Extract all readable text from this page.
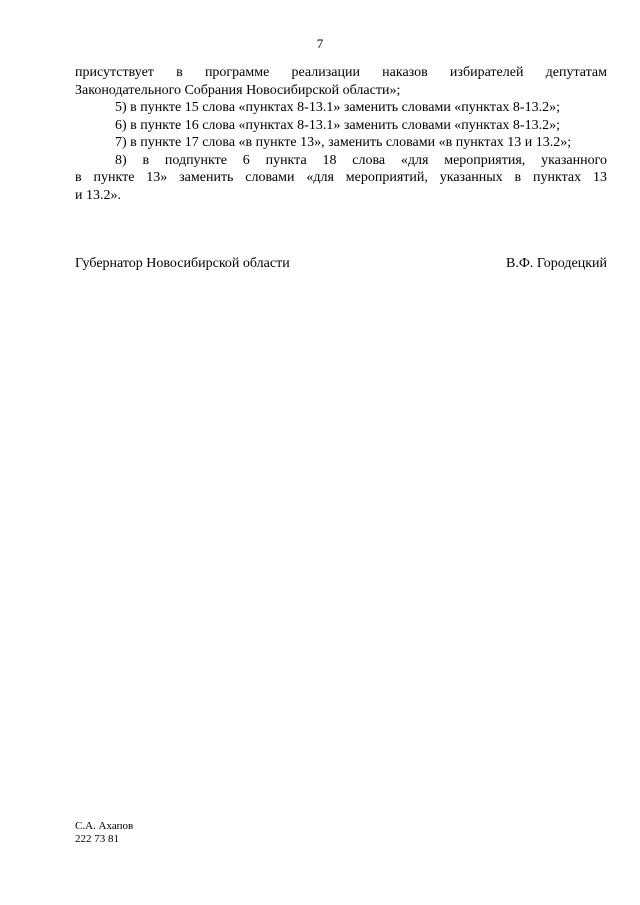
7

присутствует в программе реализации наказов избирателей депутатам

Законодательного Собрания Новосибирской области»;

5) в пункте 15 слова «пунктах 8-13.1» заменить словами «пунктах 8-13.2»;

6) в пункте 16 слова «пунктах 8-13.1» заменить словами «пунктах 8-13.2»;

7) в пункте 17 слова «в пункте 13», заменить словами «в пунктах 13 и 13.2»;

8) в подпункте 6 пункта 18 слова «для мероприятия, указанного

в пункте 13» заменить словами «для мероприятий, указанных в пунктах 13

и 13.2».

Губернатор Новосибирской области	В.Ф. Городецкий
С.А. Ахапов
222 73 81
